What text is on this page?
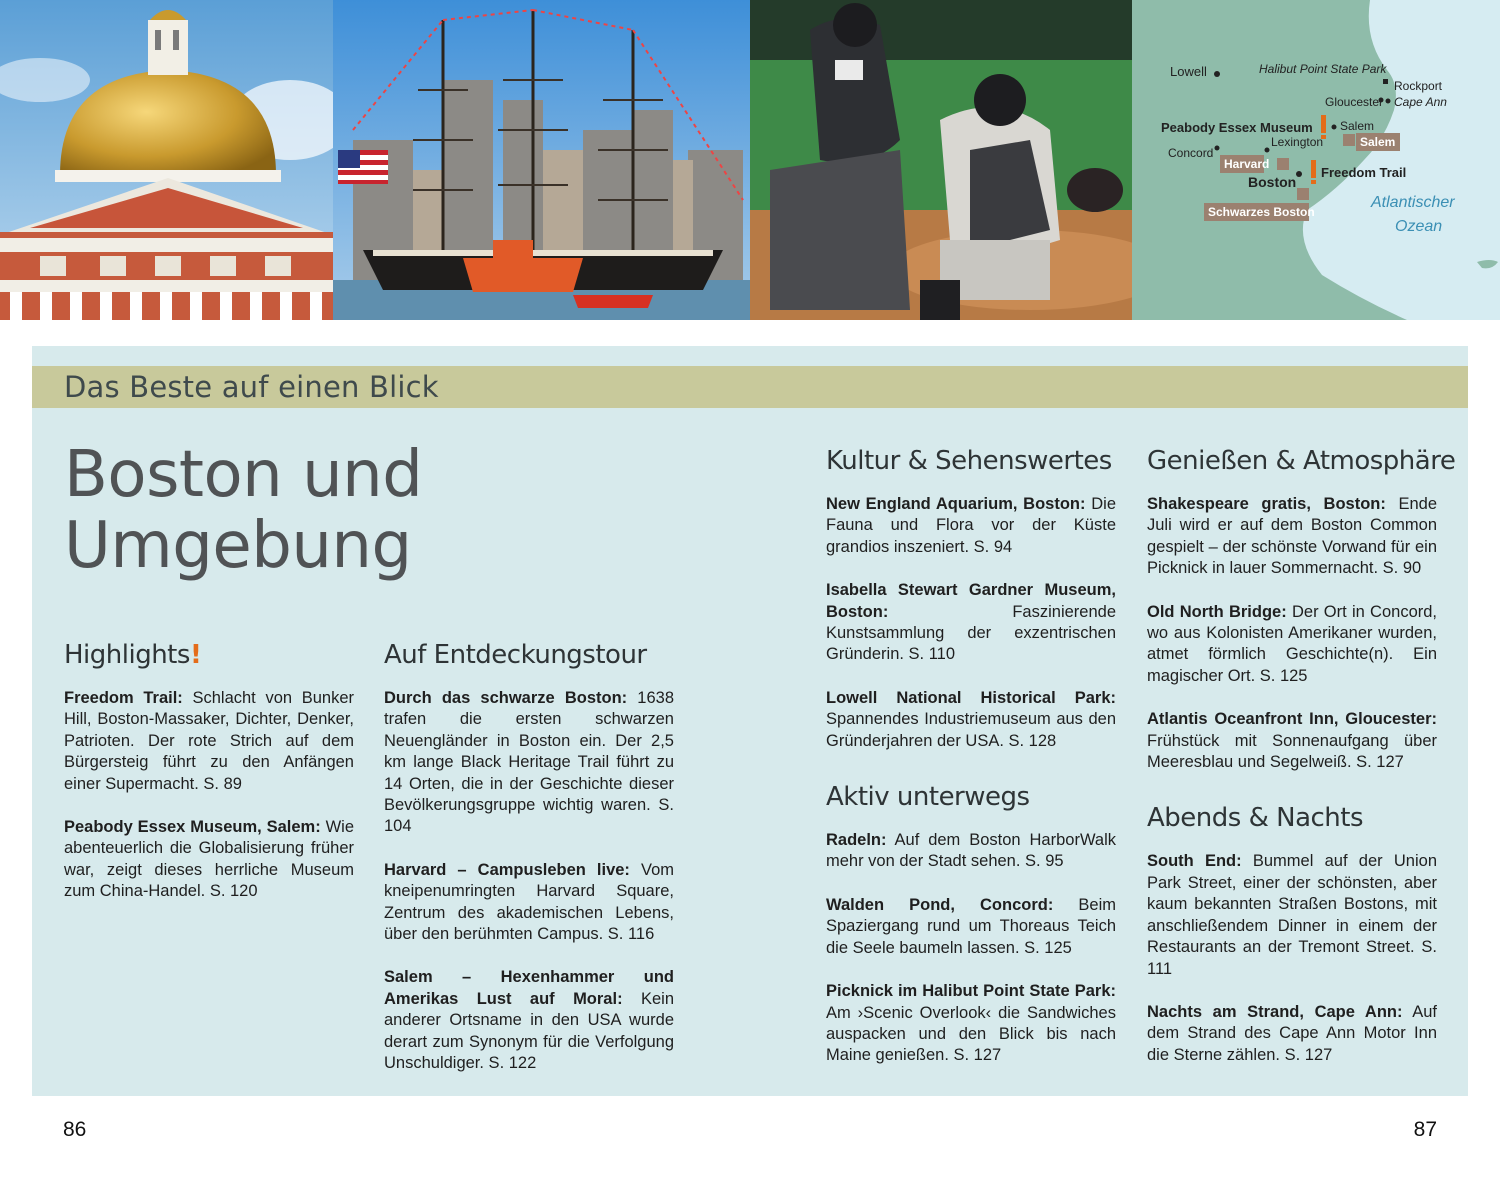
Lowell	Halibut Point State Park
Rockport
Gloucester Cape Ann
Peabody Essex Museum Salem
Lexington	Salem
Concord
Harvard
Boston
Freedom Trail
Schwarzes Boston
Atlantischer
Ozean
Das Beste auf einen Blick
Boston und
Umgebung
Highlights!
Freedom Trail: Schlacht von Bunker Hill, Boston-Massaker, Dichter, Denker, Patrioten. Der rote Strich auf dem Bürgersteig führt zu den Anfängen einer Supermacht. S. 89
Peabody Essex Museum, Salem: Wie abenteuerlich die Globalisierung früher war, zeigt dieses herrliche Museum zum China-Handel. S. 120
Auf Entdeckungstour
Durch das schwarze Boston: 1638 trafen die ersten schwarzen Neuengländer in Boston ein. Der 2,5 km lange Black Heritage Trail führt zu 14 Orten, die in der Geschichte dieser Bevölkerungsgruppe wichtig waren. S. 104
Harvard – Campusleben live: Vom kneipenumringten Harvard Square, Zentrum des akademischen Lebens, über den berühmten Campus. S. 116
Salem – Hexenhammer und Amerikas Lust auf Moral: Kein anderer Ortsname in den USA wurde derart zum Synonym für die Verfolgung Unschuldiger. S. 122
Kultur & Sehenswertes
New England Aquarium, Boston: Die Fauna und Flora vor der Küste grandios inszeniert. S. 94
Isabella Stewart Gardner Museum, Boston: Faszinierende Kunstsammlung der exzentrischen Gründerin. S. 110
Lowell National Historical Park: Spannendes Industriemuseum aus den Gründerjahren der USA. S. 128
Aktiv unterwegs
Radeln: Auf dem Boston HarborWalk mehr von der Stadt sehen. S. 95
Walden Pond, Concord: Beim Spaziergang rund um Thoreaus Teich die Seele baumeln lassen. S. 125
Picknick im Halibut Point State Park: Am ›Scenic Overlook‹ die Sandwiches auspacken und den Blick bis nach Maine genießen. S. 127
Genießen & Atmosphäre
Shakespeare gratis, Boston: Ende Juli wird er auf dem Boston Common gespielt – der schönste Vorwand für ein Picknick in lauer Sommernacht. S. 90
Old North Bridge: Der Ort in Concord, wo aus Kolonisten Amerikaner wurden, atmet förmlich Geschichte(n). Ein magischer Ort. S. 125
Atlantis Oceanfront Inn, Gloucester: Frühstück mit Sonnenaufgang über Meeresblau und Segelweiß. S. 127
Abends & Nachts
South End: Bummel auf der Union Park Street, einer der schönsten, aber kaum bekannten Straßen Bostons, mit anschließendem Dinner in einem der Restaurants an der Tremont Street. S. 111
Nachts am Strand, Cape Ann: Auf dem Strand des Cape Ann Motor Inn die Sterne zählen. S. 127
86	87
